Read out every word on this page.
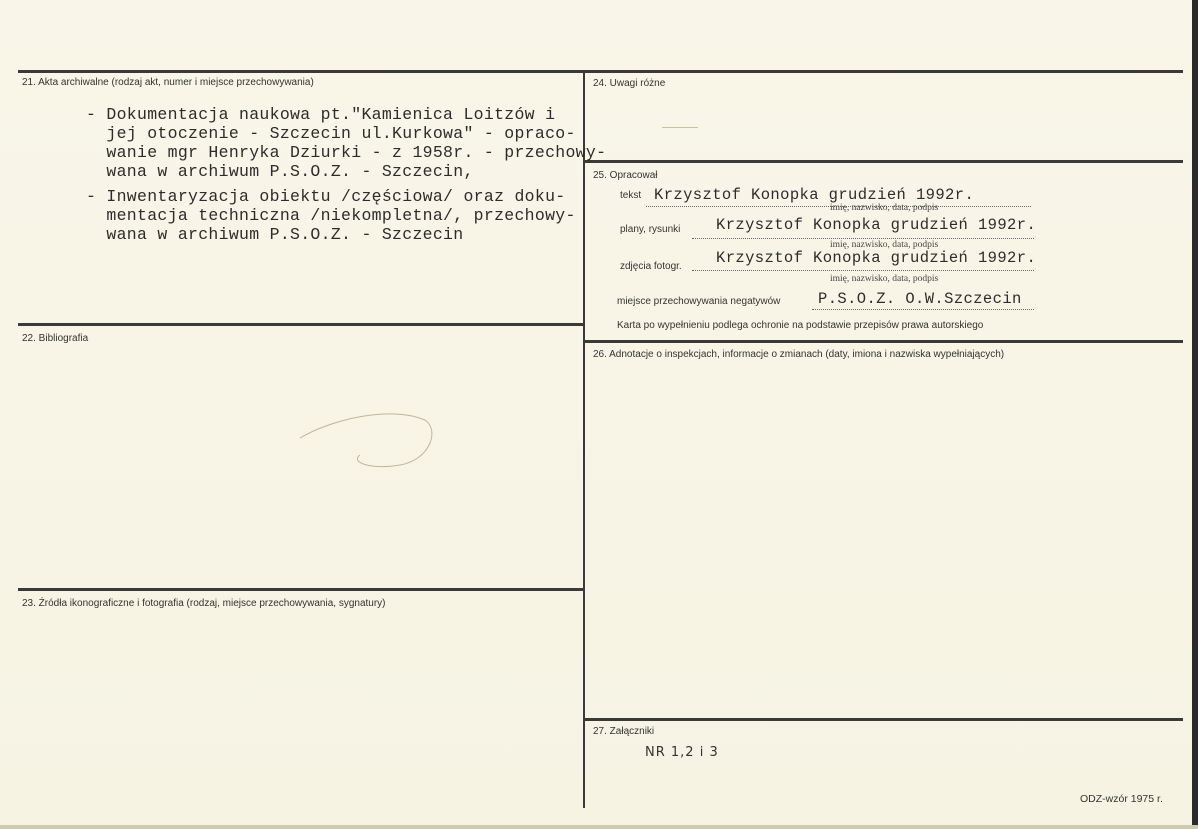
21. Akta archiwalne (rodzaj akt, numer i miejsce przechowywania)
- Dokumentacja naukowa pt."Kamienica Loitzów i
jej otoczenie - Szczecin ul.Kurkowa" - opraco-
wanie mgr Henryka Dziurki - z 1958r. - przechowy-
wana w archiwum P.S.O.Z. - Szczecin,
- Inwentaryzacja obiektu /częściowa/ oraz doku-
mentacja techniczna /niekompletna/, przechowy-
wana w archiwum P.S.O.Z. - Szczecin
22. Bibliografia
23. Źródła ikonograficzne i fotografia (rodzaj, miejsce przechowywania, sygnatury)
24. Uwagi różne
25. Opracował
tekst Krzysztof Konopka grudzień 1992r.
imię, nazwisko, data, podpis
plany, rysunki Krzysztof Konopka grudzień 1992r.
imię, nazwisko, data, podpis
zdjęcia fotogr. Krzysztof Konopka grudzień 1992r.
imię, nazwisko, data, podpis
miejsce przechowywania negatywów P.S.O.Z. O.W.Szczecin
Karta po wypełnieniu podlega ochronie na podstawie przepisów prawa autorskiego
26. Adnotacje o inspekcjach, informacje o zmianach (daty, imiona i nazwiska wypełniających)
27. Załączniki
NR 1,2 i 3
ODZ-wzór 1975 r.
